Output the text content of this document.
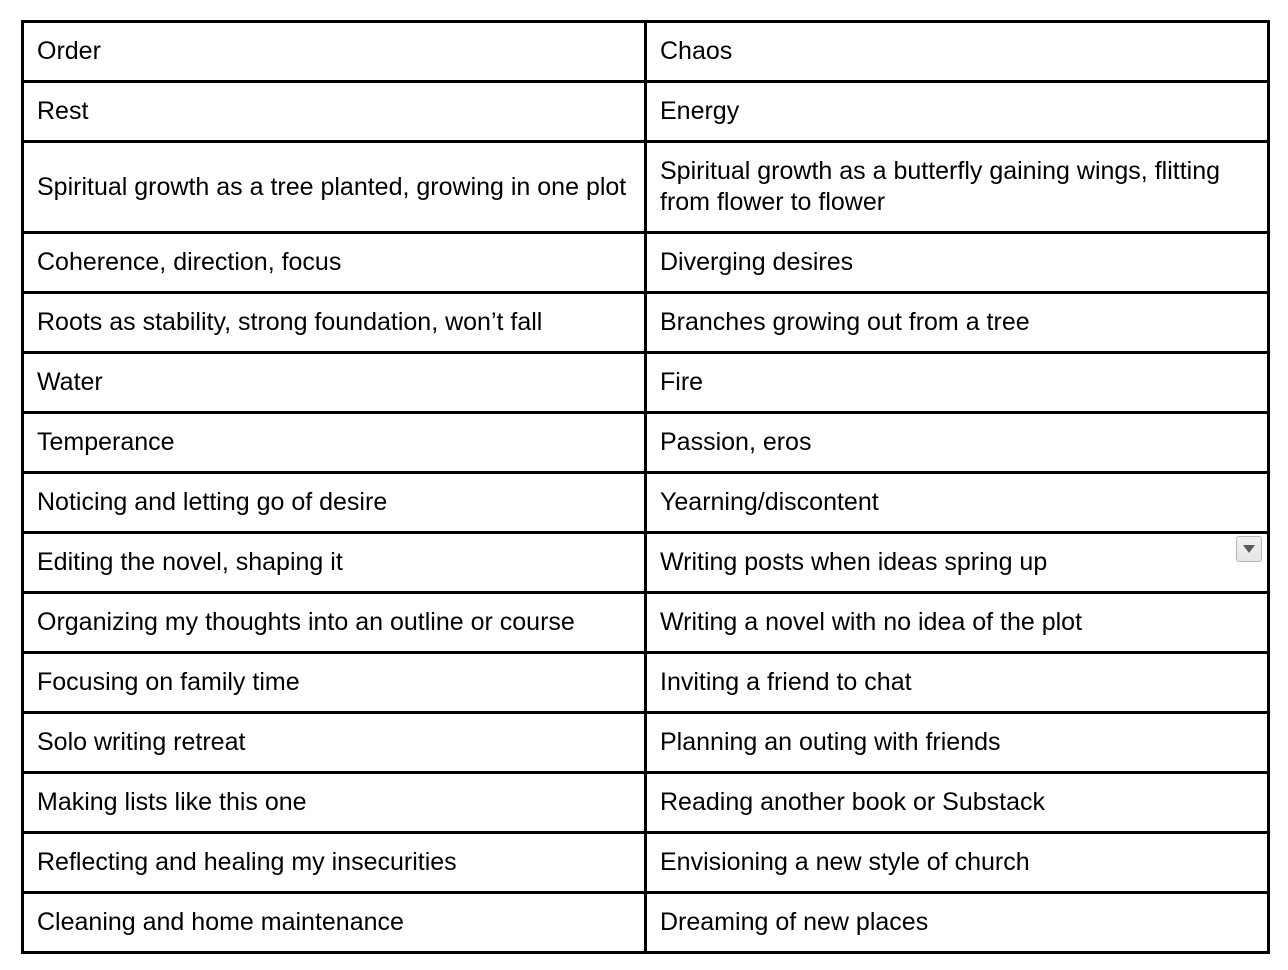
Order	Chaos
Rest	Energy
Spiritual growth as a tree planted, growing in one plot	Spiritual growth as a butterfly gaining wings, flitting from flower to flower
Coherence, direction, focus	Diverging desires
Roots as stability, strong foundation, won’t fall	Branches growing out from a tree
Water	Fire
Temperance	Passion, eros
Noticing and letting go of desire	Yearning/discontent
Editing the novel, shaping it	Writing posts when ideas spring up

Organizing my thoughts into an outline or course	Writing a novel with no idea of the plot
Focusing on family time	Inviting a friend to chat
Solo writing retreat	Planning an outing with friends
Making lists like this one	Reading another book or Substack
Reflecting and healing my insecurities	Envisioning a new style of church
Cleaning and home maintenance	Dreaming of new places
